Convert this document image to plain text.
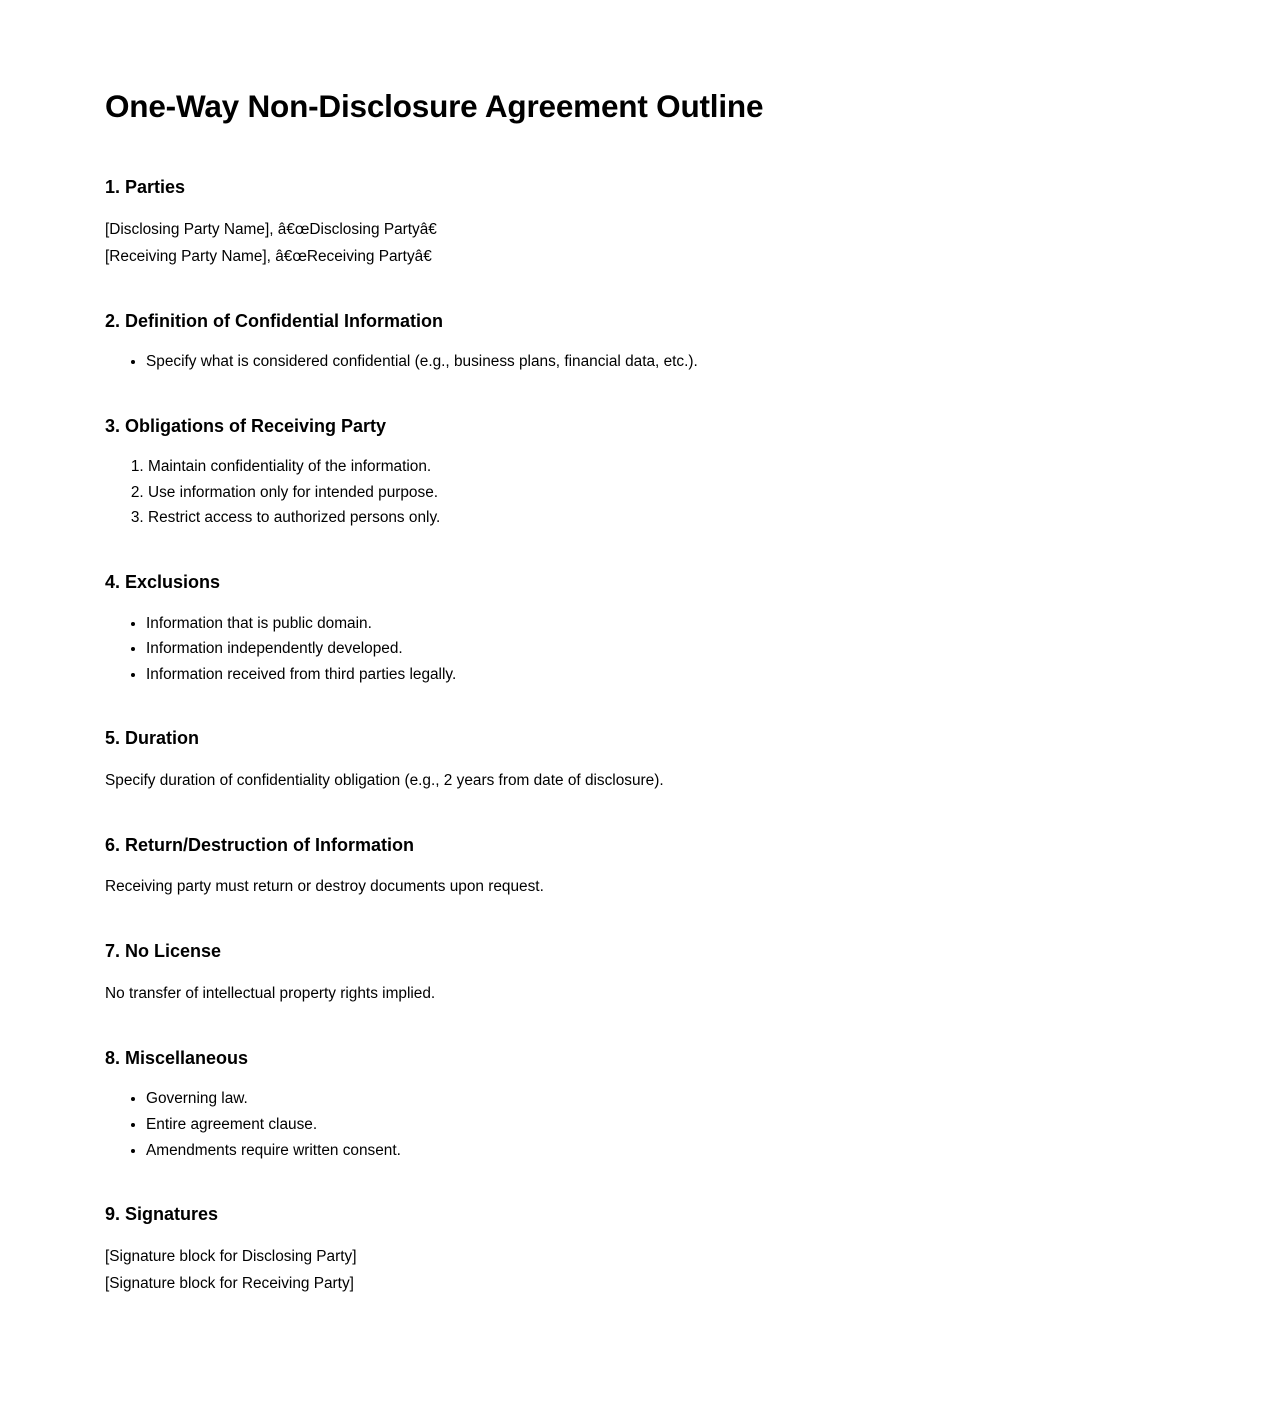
One-Way Non-Disclosure Agreement Outline
1. Parties

[Disclosing Party Name], â€œDisclosing Partyâ€
[Receiving Party Name], â€œReceiving Partyâ€

2. Definition of Confidential Information
• Specify what is considered confidential (e.g., business plans, financial data, etc.).
3. Obligations of Receiving Party
1. Maintain confidentiality of the information.
2. Use information only for intended purpose.
3. Restrict access to authorized persons only.
4. Exclusions
• Information that is public domain.
• Information independently developed.
• Information received from third parties legally.
5. Duration

Specify duration of confidentiality obligation (e.g., 2 years from date of disclosure).

6. Return/Destruction of Information

Receiving party must return or destroy documents upon request.

7. No License

No transfer of intellectual property rights implied.

8. Miscellaneous
• Governing law.
• Entire agreement clause.
• Amendments require written consent.
9. Signatures

[Signature block for Disclosing Party]
[Signature block for Receiving Party]
